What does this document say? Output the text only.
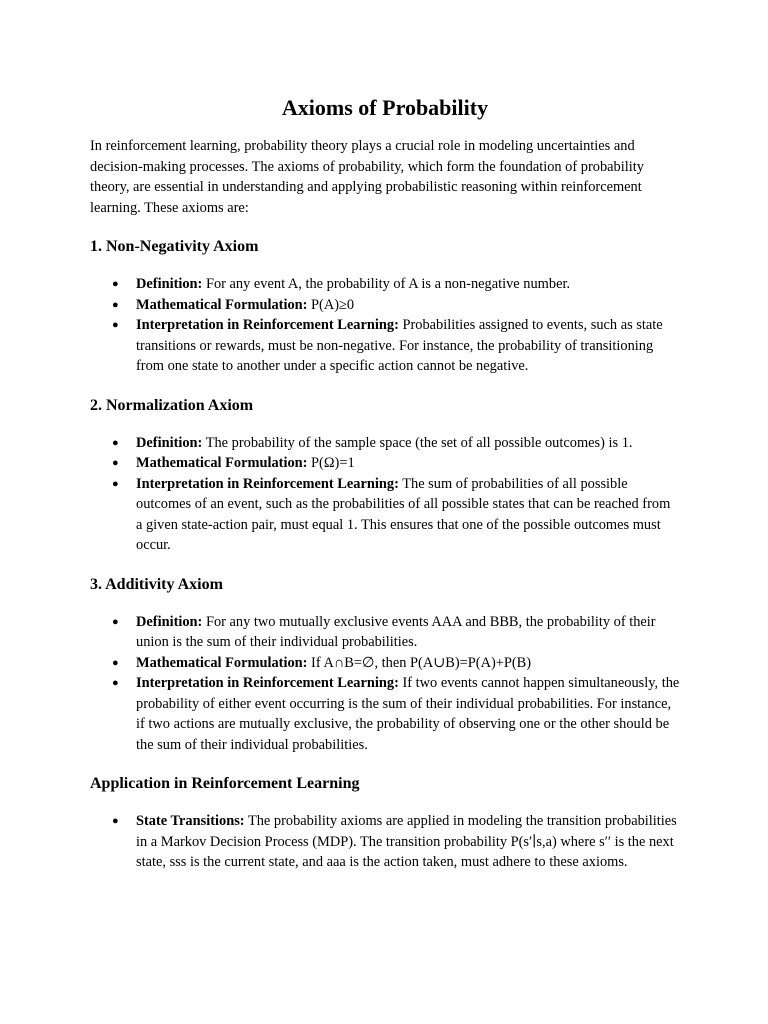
Axioms of Probability

In reinforcement learning, probability theory plays a crucial role in modeling uncertainties and decision-making processes. The axioms of probability, which form the foundation of probability theory, are essential in understanding and applying probabilistic reasoning within reinforcement learning. These axioms are:

1. Non-Negativity Axiom
● Definition: For any event A, the probability of A is a non-negative number.
● Mathematical Formulation: P(A)≥0
● Interpretation in Reinforcement Learning: Probabilities assigned to events, such as state transitions or rewards, must be non-negative. For instance, the probability of transitioning from one state to another under a specific action cannot be negative.
2. Normalization Axiom
● Definition: The probability of the sample space (the set of all possible outcomes) is 1.
● Mathematical Formulation: P(Ω)=1
● Interpretation in Reinforcement Learning: The sum of probabilities of all possible outcomes of an event, such as the probabilities of all possible states that can be reached from a given state-action pair, must equal 1. This ensures that one of the possible outcomes must occur.
3. Additivity Axiom
● Definition: For any two mutually exclusive events AAA and BBB, the probability of their union is the sum of their individual probabilities.
● Mathematical Formulation: If A∩B=∅, then P(A∪B)=P(A)+P(B)
● Interpretation in Reinforcement Learning: If two events cannot happen simultaneously, the probability of either event occurring is the sum of their individual probabilities. For instance, if two actions are mutually exclusive, the probability of observing one or the other should be the sum of their individual probabilities.
Application in Reinforcement Learning
● State Transitions: The probability axioms are applied in modeling the transition probabilities in a Markov Decision Process (MDP). The transition probability P(s′∣s,a) where s′′ is the next state, sss is the current state, and aaa is the action taken, must adhere to these axioms.
